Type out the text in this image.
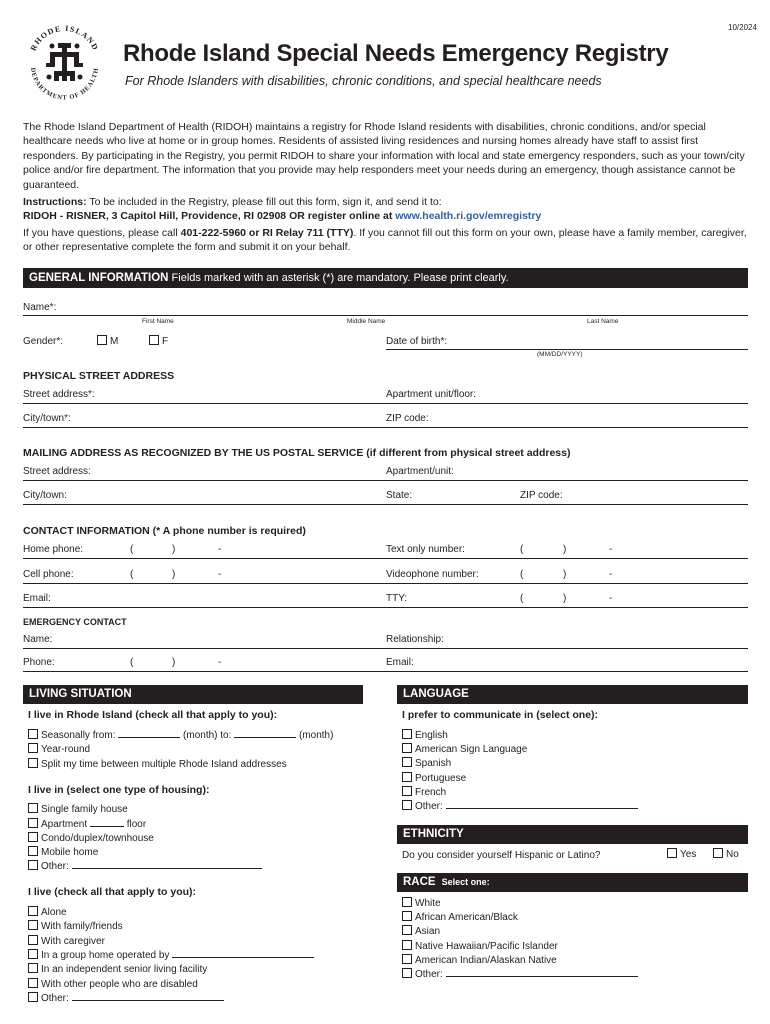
10/2024
RHODE ISLAND
DEPARTMENT OF HEALTH
Rhode Island Special Needs Emergency Registry
For Rhode Islanders with disabilities, chronic conditions, and special healthcare needs
The Rhode Island Department of Health (RIDOH) maintains a registry for Rhode Island residents with disabilities, chronic conditions, and/or special healthcare needs who live at home or in group homes. Residents of assisted living residences and nursing homes already have staff to assist first responders. By participating in the Registry, you permit RIDOH to share your information with local and state emergency responders, such as your town/city police and/or fire department. The information that you provide may help responders meet your needs during an emergency, though assistance cannot be guaranteed.
Instructions: To be included in the Registry, please fill out this form, sign it, and send it to:
RIDOH - RISNER, 3 Capitol Hill, Providence, RI 02908 OR register online at www.health.ri.gov/emregistry
If you have questions, please call 401-222-5960 or RI Relay 711 (TTY). If you cannot fill out this form on your own, please have a family member, caregiver, or other representative complete the form and submit it on your behalf.
GENERAL INFORMATION Fields marked with an asterisk (*) are mandatory. Please print clearly.
Name*:
First Name	Middle Name	Last Name
Gender*:	M	F	Date of birth*:
(MM/DD/YYYY)
PHYSICAL STREET ADDRESS
Street address*:	Apartment unit/floor:
City/town*:	ZIP code:
MAILING ADDRESS AS RECOGNIZED BY THE US POSTAL SERVICE (if different from physical street address)
Street address:	Apartment/unit:
City/town:	State:	ZIP code:
CONTACT INFORMATION (* A phone number is required)
Home phone:	(	)	-	Text only number:	(	)	-
Cell phone:	(	)	-	Videophone number:	(	)	-
Email:	TTY:	(	)	-
EMERGENCY CONTACT
Name:	Relationship:
Phone:	(	)	-	Email:
LIVING SITUATION
I live in Rhode Island (check all that apply to you):
Seasonally from:	(month) to:	(month)
Year-round
Split my time between multiple Rhode Island addresses
I live in (select one type of housing):
Single family house
Apartment	floor
Condo/duplex/townhouse
Mobile home
Other:
I live (check all that apply to you):
Alone
With family/friends
With caregiver
In a group home operated by
In an independent senior living facility
With other people who are disabled
Other:
LANGUAGE
I prefer to communicate in (select one):
English
American Sign Language
Spanish
Portuguese
French
Other:
ETHNICITY
Do you consider yourself Hispanic or Latino?	Yes	No
RACE Select one:
White
African American/Black
Asian
Native Hawaiian/Pacific Islander
American Indian/Alaskan Native
Other:
